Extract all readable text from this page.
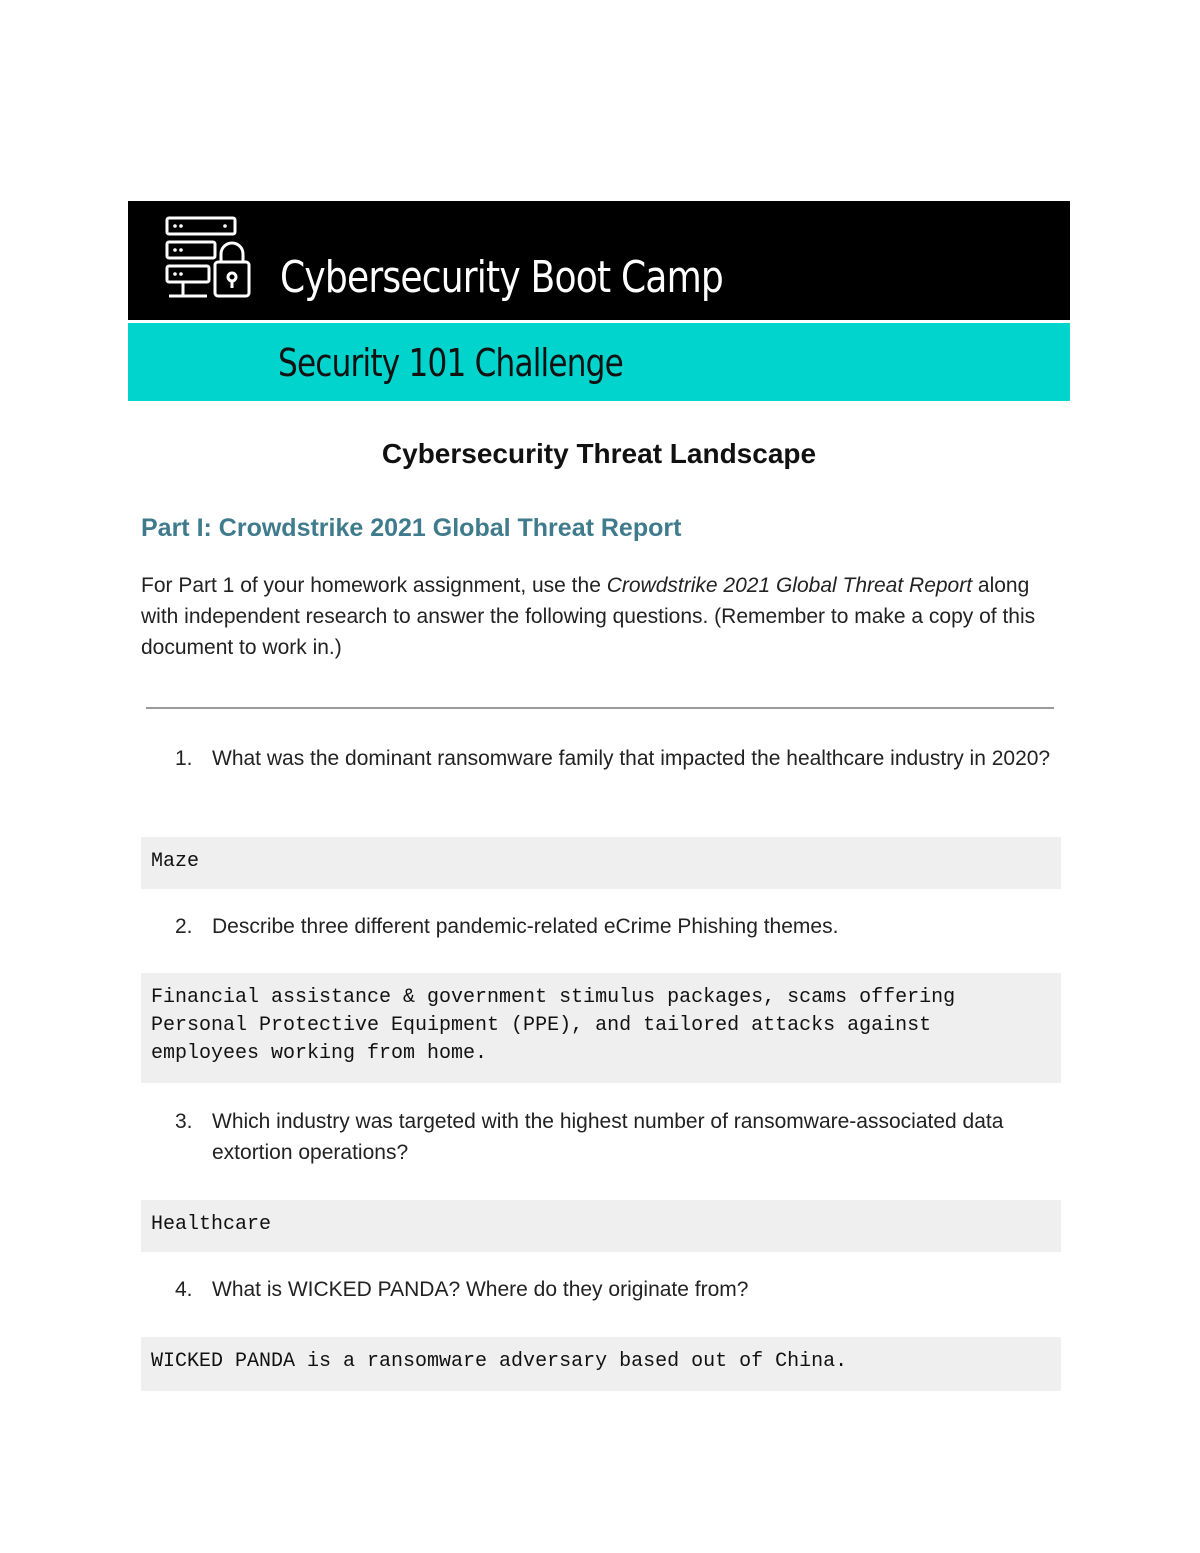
Cybersecurity Boot Camp
Security 101 Challenge
Cybersecurity Threat Landscape
Part I: Crowdstrike 2021 Global Threat Report
For Part 1 of your homework assignment, use the Crowdstrike 2021 Global Threat Report along with independent research to answer the following questions. (Remember to make a copy of this document to work in.)
1. What was the dominant ransomware family that impacted the healthcare industry in 2020?
Maze
2. Describe three different pandemic-related eCrime Phishing themes.
Financial assistance & government stimulus packages, scams offering Personal Protective Equipment (PPE), and tailored attacks against employees working from home.
3. Which industry was targeted with the highest number of ransomware-associated data extortion operations?
Healthcare
4. What is WICKED PANDA? Where do they originate from?
WICKED PANDA is a ransomware adversary based out of China.
